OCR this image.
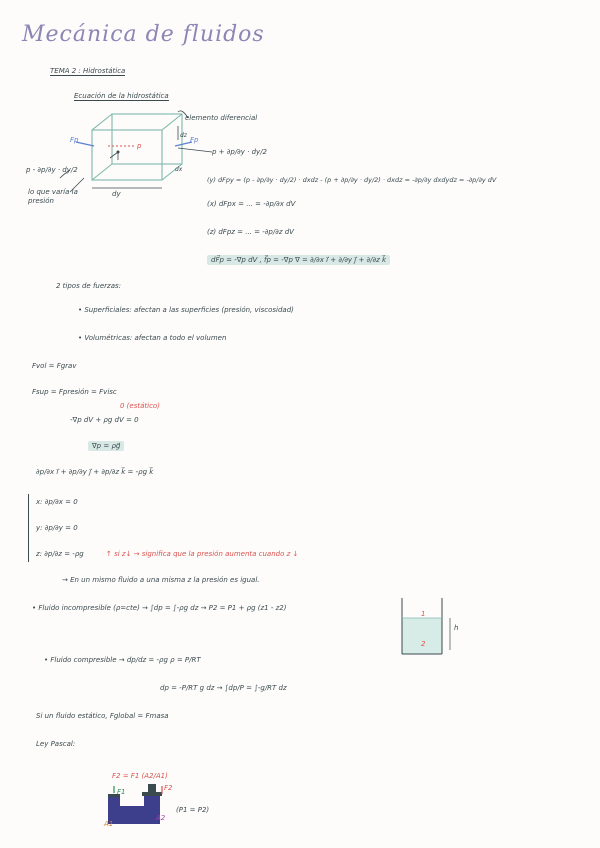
Mecánica de fluidos
TEMA 2 : Hidrostática
Ecuación de la hidrostática
elemento diferencial
Fp	Fp
p
dz
dx
dy
p - ∂p/∂y · dy/2
p + ∂p/∂y · dy/2
lo que varía la presión
(y) dFpy = (p - ∂p/∂y · dy/2) · dxdz - (p + ∂p/∂y · dy/2) · dxdz = -∂p/∂y dxdydz = -∂p/∂y dV
(x) dFpx = ... = -∂p/∂x dV
(z) dFpz = ... = -∂p/∂z dV
dF⃗p = -∇p dV , f⃗p = -∇p ∇ = ∂/∂x i⃗ + ∂/∂y j⃗ + ∂/∂z k⃗
2 tipos de fuerzas:
• Superficiales: afectan a las superficies (presión, viscosidad)
• Volumétricas: afectan a todo el volumen
Fvol = Fgrav
Fsup = Fpresión = Fvisc
0 (estático)
-∇p dV + ρg dV = 0
∇p = ρg⃗
∂p/∂x i⃗ + ∂p/∂y j⃗ + ∂p/∂z k⃗ = -ρg k⃗
x: ∂p/∂x = 0
y: ∂p/∂y = 0
z: ∂p/∂z = -ρg	↑ si z↓ → significa que la presión aumenta cuando z ↓
→ En un mismo fluido a una misma z la presión es igual.
• Fluido incompresible (ρ=cte) → ∫dp = ∫-ρg dz → P2 = P1 + ρg (z1 - z2)
1
2
h
• Fluido compresible → dp/dz = -ρg ρ = P/RT
dp = -P/RT g dz → ∫dp/P = ∫-g/RT dz
Si un fluido estático, Fglobal = Fmasa
Ley Pascal:
F2 = F1 (A2/A1)
F1	F2
A1
A2
(P1 = P2)
